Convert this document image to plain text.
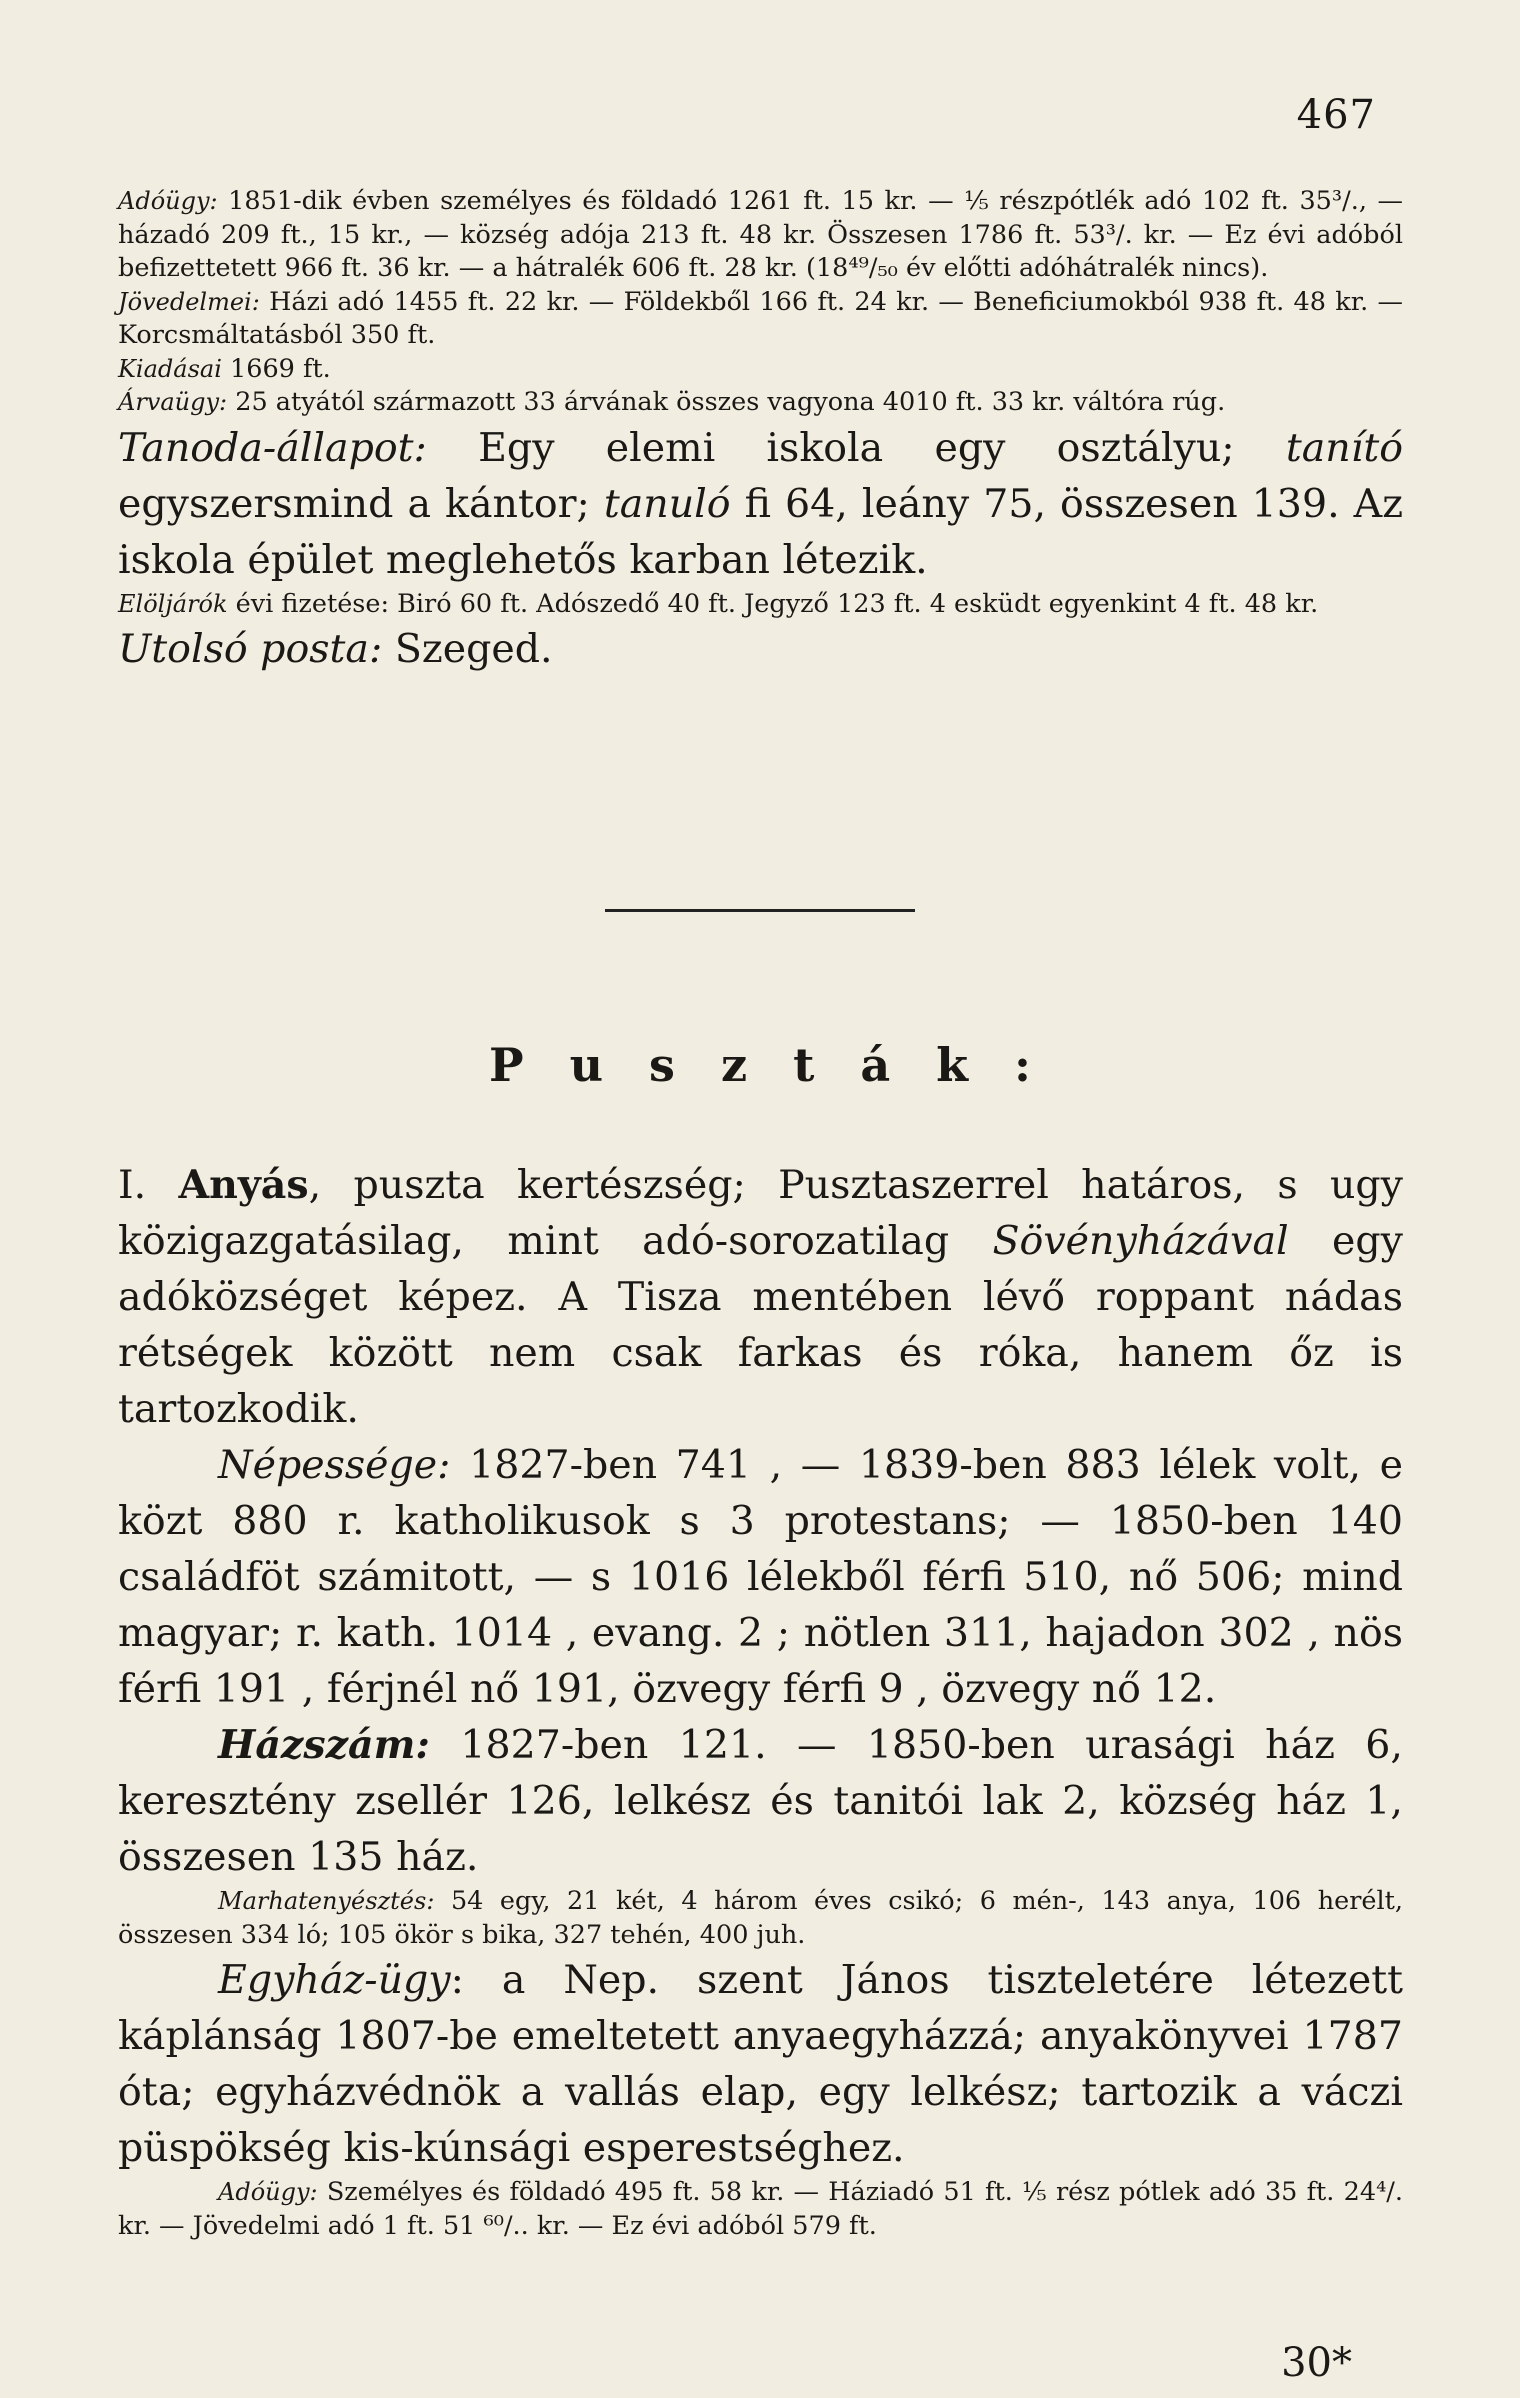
467

Adóügy: 1851-dik évben személyes és földadó 1261 ft. 15 kr. — ⅕ részpótlék adó 102 ft. 35³/., — házadó 209 ft., 15 kr., — község adója 213 ft. 48 kr. Összesen 1786 ft. 53³/. kr. — Ez évi adóból befizettetett 966 ft. 36 kr. — a hátralék 606 ft. 28 kr. (18⁴⁹/₅₀ év előtti adóhátralék nincs).

Jövedelmei: Házi adó 1455 ft. 22 kr. — Földekből 166 ft. 24 kr. — Beneficiumokból 938 ft. 48 kr. — Korcsmáltatásból 350 ft.

Kiadásai 1669 ft.

Árvaügy: 25 atyától származott 33 árvának összes vagyona 4010 ft. 33 kr. váltóra rúg.

Tanoda-állapot: Egy elemi iskola egy osztályu; tanító egyszersmind a kántor; tanuló fi 64, leány 75, összesen 139. Az iskola épület meglehetős karban létezik.

Elöljárók évi fizetése: Biró 60 ft. Adószedő 40 ft. Jegyző 123 ft. 4 esküdt egyenkint 4 ft. 48 kr.

Utolsó posta: Szeged.

Puszták:

I. Anyás, puszta kertészség; Pusztaszerrel határos, s ugy közigazgatásilag, mint adó-sorozatilag Sövényházával egy adóközséget képez. A Tisza mentében lévő roppant nádas rétségek között nem csak farkas és róka, hanem őz is tartozkodik.

Népessége: 1827-ben 741 , — 1839-ben 883 lélek volt, e közt 880 r. katholikusok s 3 protestans; — 1850-ben 140 családföt számitott, — s 1016 lélekből férfi 510, nő 506; mind magyar; r. kath. 1014 , evang. 2 ; nötlen 311, hajadon 302 , nös férfi 191 , férjnél nő 191, özvegy férfi 9 , özvegy nő 12.

Házszám: 1827-ben 121. — 1850-ben urasági ház 6, keresztény zsellér 126, lelkész és tanitói lak 2, község ház 1, összesen 135 ház.

Marhatenyésztés: 54 egy, 21 két, 4 három éves csikó; 6 mén-, 143 anya, 106 herélt, összesen 334 ló; 105 ökör s bika, 327 tehén, 400 juh.

Egyház-ügy: a Nep. szent János tiszteletére létezett káplánság 1807-be emeltetett anyaegyházzá; anyakönyvei 1787 óta; egyházvédnök a vallás elap, egy lelkész; tartozik a váczi püspökség kis-kúnsági esperestséghez.

Adóügy: Személyes és földadó 495 ft. 58 kr. — Háziadó 51 ft. ⅕ rész pótlek adó 35 ft. 24⁴/. kr. — Jövedelmi adó 1 ft. 51 ⁶⁰/.. kr. — Ez évi adóból 579 ft.

30*
